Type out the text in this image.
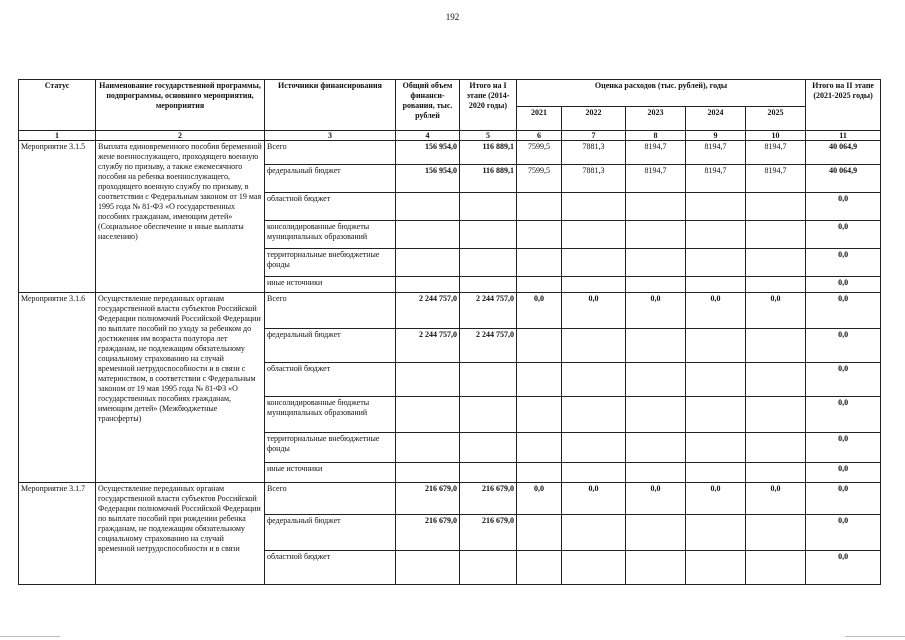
192
Статус	Наименование государственной программы, подпрограммы, основного мероприятия, мероприятия	Источники финансирования	Общий объем финанси-рования, тыс. рублей	Итого на I этапе (2014-2020 годы)	Оценка расходов (тыс. рублей), годы					Итого на II этапе (2021-2025 годы)
					2021	2022	2023	2024	2025	
1	2	3	4	5	6	7	8	9	10	11
Мероприятие 3.1.5	Выплата единовременного пособия беременной жене военнослужащего, проходящего военную службу по призыву, а также ежемесячного пособия на ребенка военнослужащего, проходящего военную службу по призыву, в соответствии с Федеральным законом от 19 мая 1995 года № 81-ФЗ «О государственных пособиях гражданам, имеющим детей» (Социальное обеспечение и иные выплаты населению)	Всего	156 954,0	116 889,1	7599,5	7881,3	8194,7	8194,7	8194,7	40 064,9
		федеральный бюджет	156 954,0	116 889,1	7599,5	7881,3	8194,7	8194,7	8194,7	40 064,9
		областной бюджет								0,0
		консолидированные бюджеты муниципальных образований								0,0
		территориальные внебюджетные фонды								0,0
		иные источники								0,0
Мероприятие 3.1.6	Осуществление переданных органам государственной власти субъектов Российской Федерации полномочий Российской Федерации по выплате пособий по уходу за ребенком до достижения им возраста полутора лет гражданам, не подлежащим обязательному социальному страхованию на случай временной нетрудоспособности и в связи с материнством, в соответствии с Федеральным законом от 19 мая 1995 года № 81-ФЗ «О государственных пособиях гражданам, имеющим детей» (Межбюджетные трансферты)	Всего	2 244 757,0	2 244 757,0	0,0	0,0	0,0	0,0	0,0	0,0
		федеральный бюджет	2 244 757,0	2 244 757,0						0,0
		областной бюджет								0,0
		консолидированные бюджеты муниципальных образований								0,0
		территориальные внебюджетные фонды								0,0
		иные источники								0,0
Мероприятие 3.1.7	Осуществление переданных органам государственной власти субъектов Российской Федерации полномочий Российской Федерации по выплате пособий при рождении ребенка гражданам, не подлежащим обязательному социальному страхованию на случай временной нетрудоспособности и в связи	Всего	216 679,0	216 679,0	0,0	0,0	0,0	0,0	0,0	0,0
		федеральный бюджет	216 679,0	216 679,0						0,0
		областной бюджет								0,0
